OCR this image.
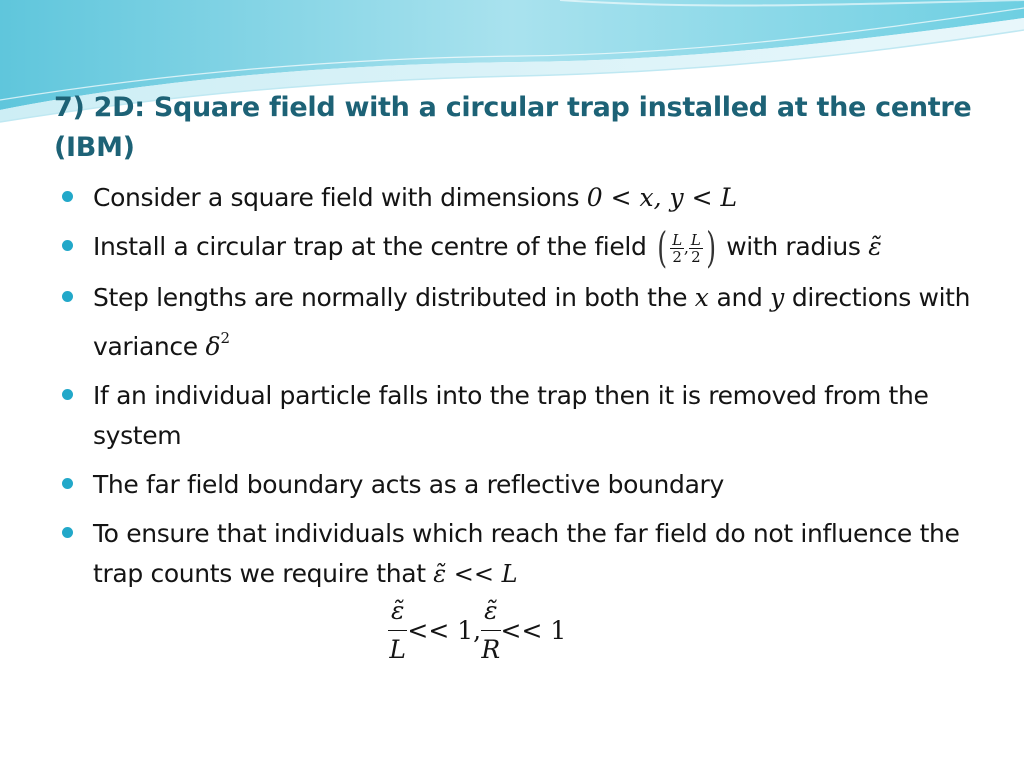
7) 2D: Square field with a circular trap installed at the centre (IBM)
Consider a square field with dimensions 0 < x, y < L
Install a circular trap at the centre of the field ( $\frac{L}{2}$ , $\frac{L}{2}$ ) with radius ε̃
Step lengths are normally distributed in both the x and y directions with variance $\delta^2$
If an individual particle falls into the trap then it is removed from the system
The far field boundary acts as a reflective boundary
To ensure that individuals which reach the far field do not influence the trap counts we require that ε̃ << L
$\frac{\varepsiloñ}{L} << 1$, $\frac{\varepsiloñ}{R} << 1$
